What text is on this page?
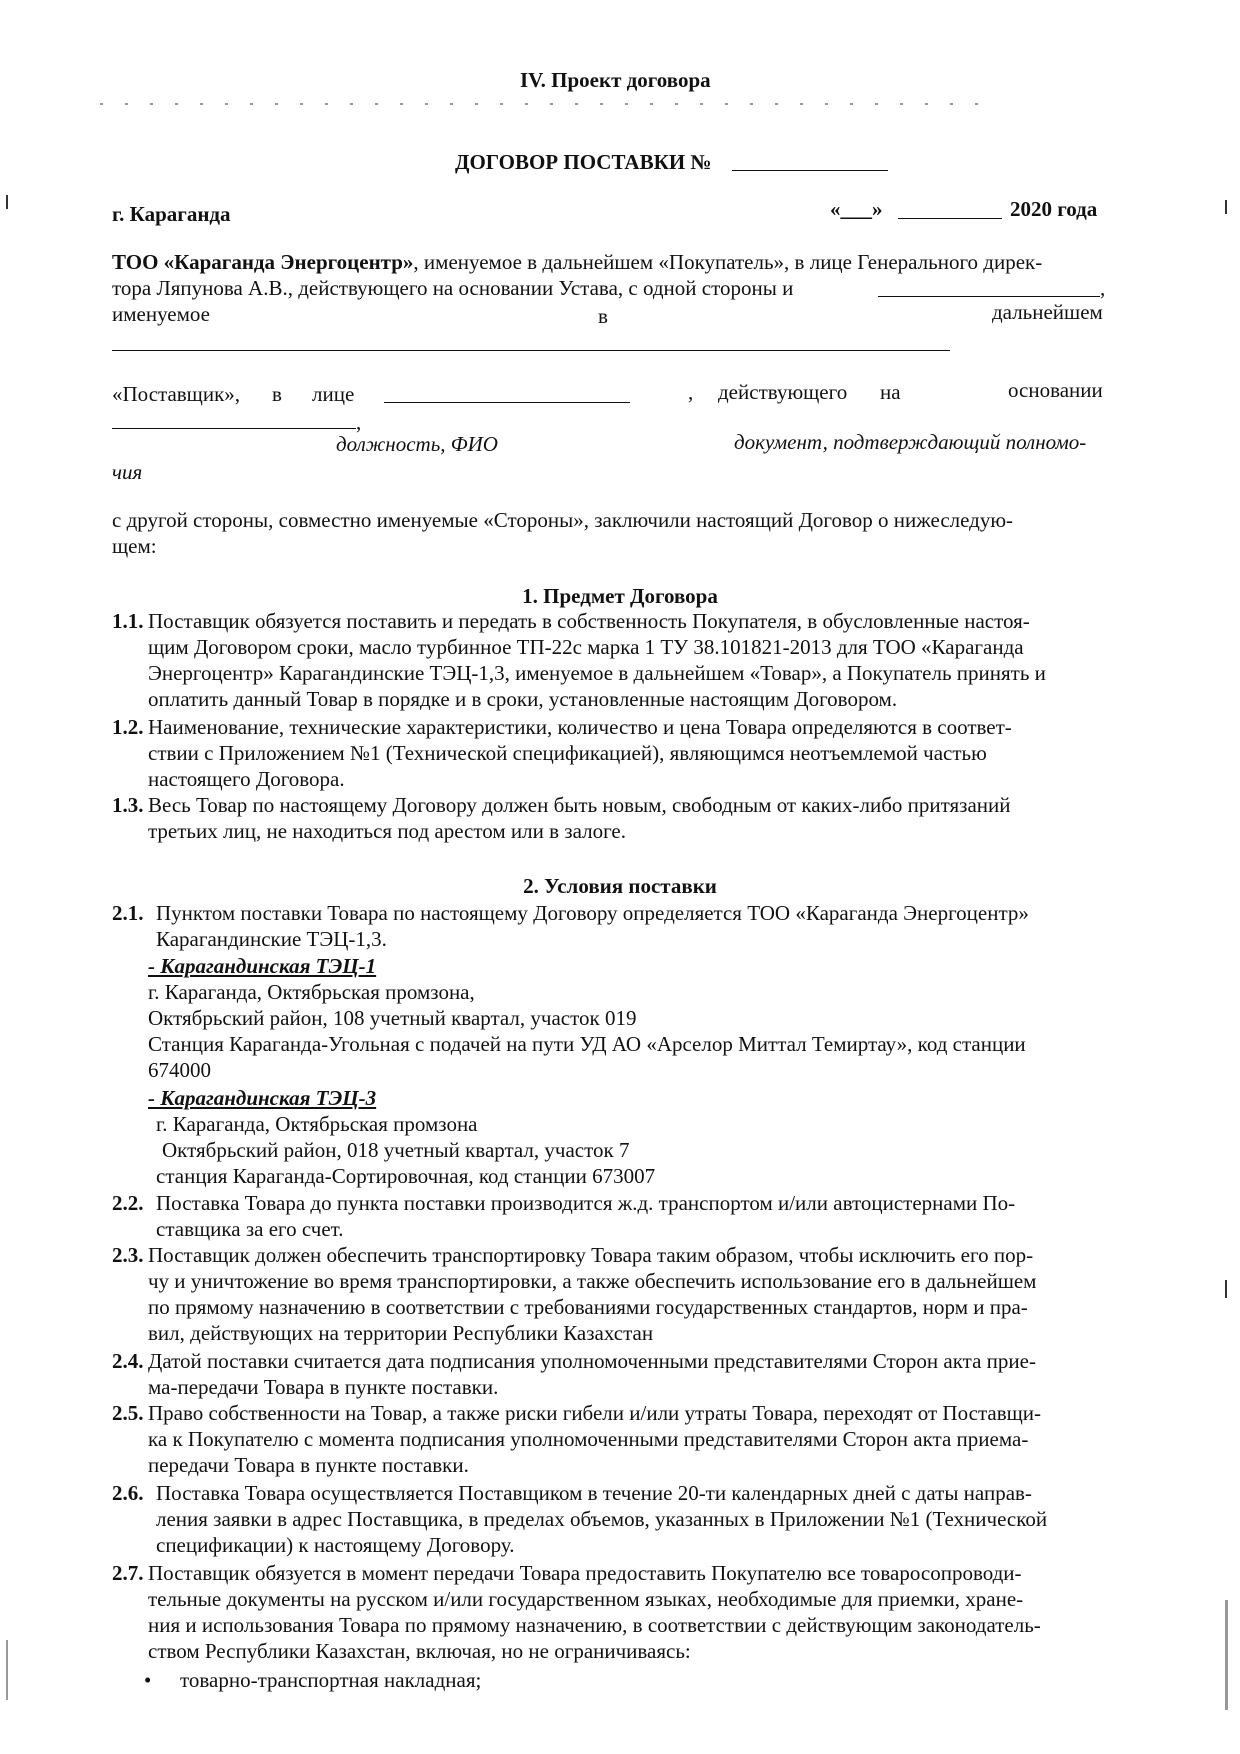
IV. Проект договора
ДОГОВОР ПОСТАВКИ №
г. Караганда	«___»	2020 года
ТОО «Караганда Энергоцентр», именуемое в дальнейшем «Покупатель», в лице Генерального дирек-
тора Ляпунова А.В., действующего на основании Устава, с одной стороны и	,
именуемое	в	дальнейшем
«Поставщик», в лице	, действующего на	основании
,
должность, ФИО	документ, подтверждающий полномо-
чия
с другой стороны, совместно именуемые «Стороны», заключили настоящий Договор о нижеследую-
щем:
1. Предмет Договора
1.1. Поставщик обязуется поставить и передать в собственность Покупателя, в обусловленные настоя-
щим Договором сроки, масло турбинное ТП-22с марка 1 ТУ 38.101821-2013 для ТОО «Караганда
Энергоцентр» Карагандинские ТЭЦ-1,3, именуемое в дальнейшем «Товар», а Покупатель принять и
оплатить данный Товар в порядке и в сроки, установленные настоящим Договором.
1.2. Наименование, технические характеристики, количество и цена Товара определяются в соответ-
ствии с Приложением №1 (Технической спецификацией), являющимся неотъемлемой частью
настоящего Договора.
1.3. Весь Товар по настоящему Договору должен быть новым, свободным от каких-либо притязаний
третьих лиц, не находиться под арестом или в залоге.
2. Условия поставки
2.1. Пунктом поставки Товара по настоящему Договору определяется ТОО «Караганда Энергоцентр»
Карагандинские ТЭЦ-1,3.
- Карагандинская ТЭЦ-1
г. Караганда, Октябрьская промзона,
Октябрьский район, 108 учетный квартал, участок 019
Станция Караганда-Угольная с подачей на пути УД АО «Арселор Миттал Темиртау», код станции
674000
- Карагандинская ТЭЦ-3
г. Караганда, Октябрьская промзона
Октябрьский район, 018 учетный квартал, участок 7
станция Караганда-Сортировочная, код станции 673007
2.2. Поставка Товара до пункта поставки производится ж.д. транспортом и/или автоцистернами По-
ставщика за его счет.
2.3. Поставщик должен обеспечить транспортировку Товара таким образом, чтобы исключить его пор-
чу и уничтожение во время транспортировки, а также обеспечить использование его в дальнейшем
по прямому назначению в соответствии с требованиями государственных стандартов, норм и пра-
вил, действующих на территории Республики Казахстан
2.4. Датой поставки считается дата подписания уполномоченными представителями Сторон акта прие-
ма-передачи Товара в пункте поставки.
2.5. Право собственности на Товар, а также риски гибели и/или утраты Товара, переходят от Поставщи-
ка к Покупателю с момента подписания уполномоченными представителями Сторон акта приема-
передачи Товара в пункте поставки.
2.6. Поставка Товара осуществляется Поставщиком в течение 20-ти календарных дней с даты направ-
ления заявки в адрес Поставщика, в пределах объемов, указанных в Приложении №1 (Технической
спецификации) к настоящему Договору.
2.7. Поставщик обязуется в момент передачи Товара предоставить Покупателю все товаросопроводи-
тельные документы на русском и/или государственном языках, необходимые для приемки, хране-
ния и использования Товара по прямому назначению, в соответствии с действующим законодатель-
ством Республики Казахстан, включая, но не ограничиваясь:
• товарно-транспортная накладная;
